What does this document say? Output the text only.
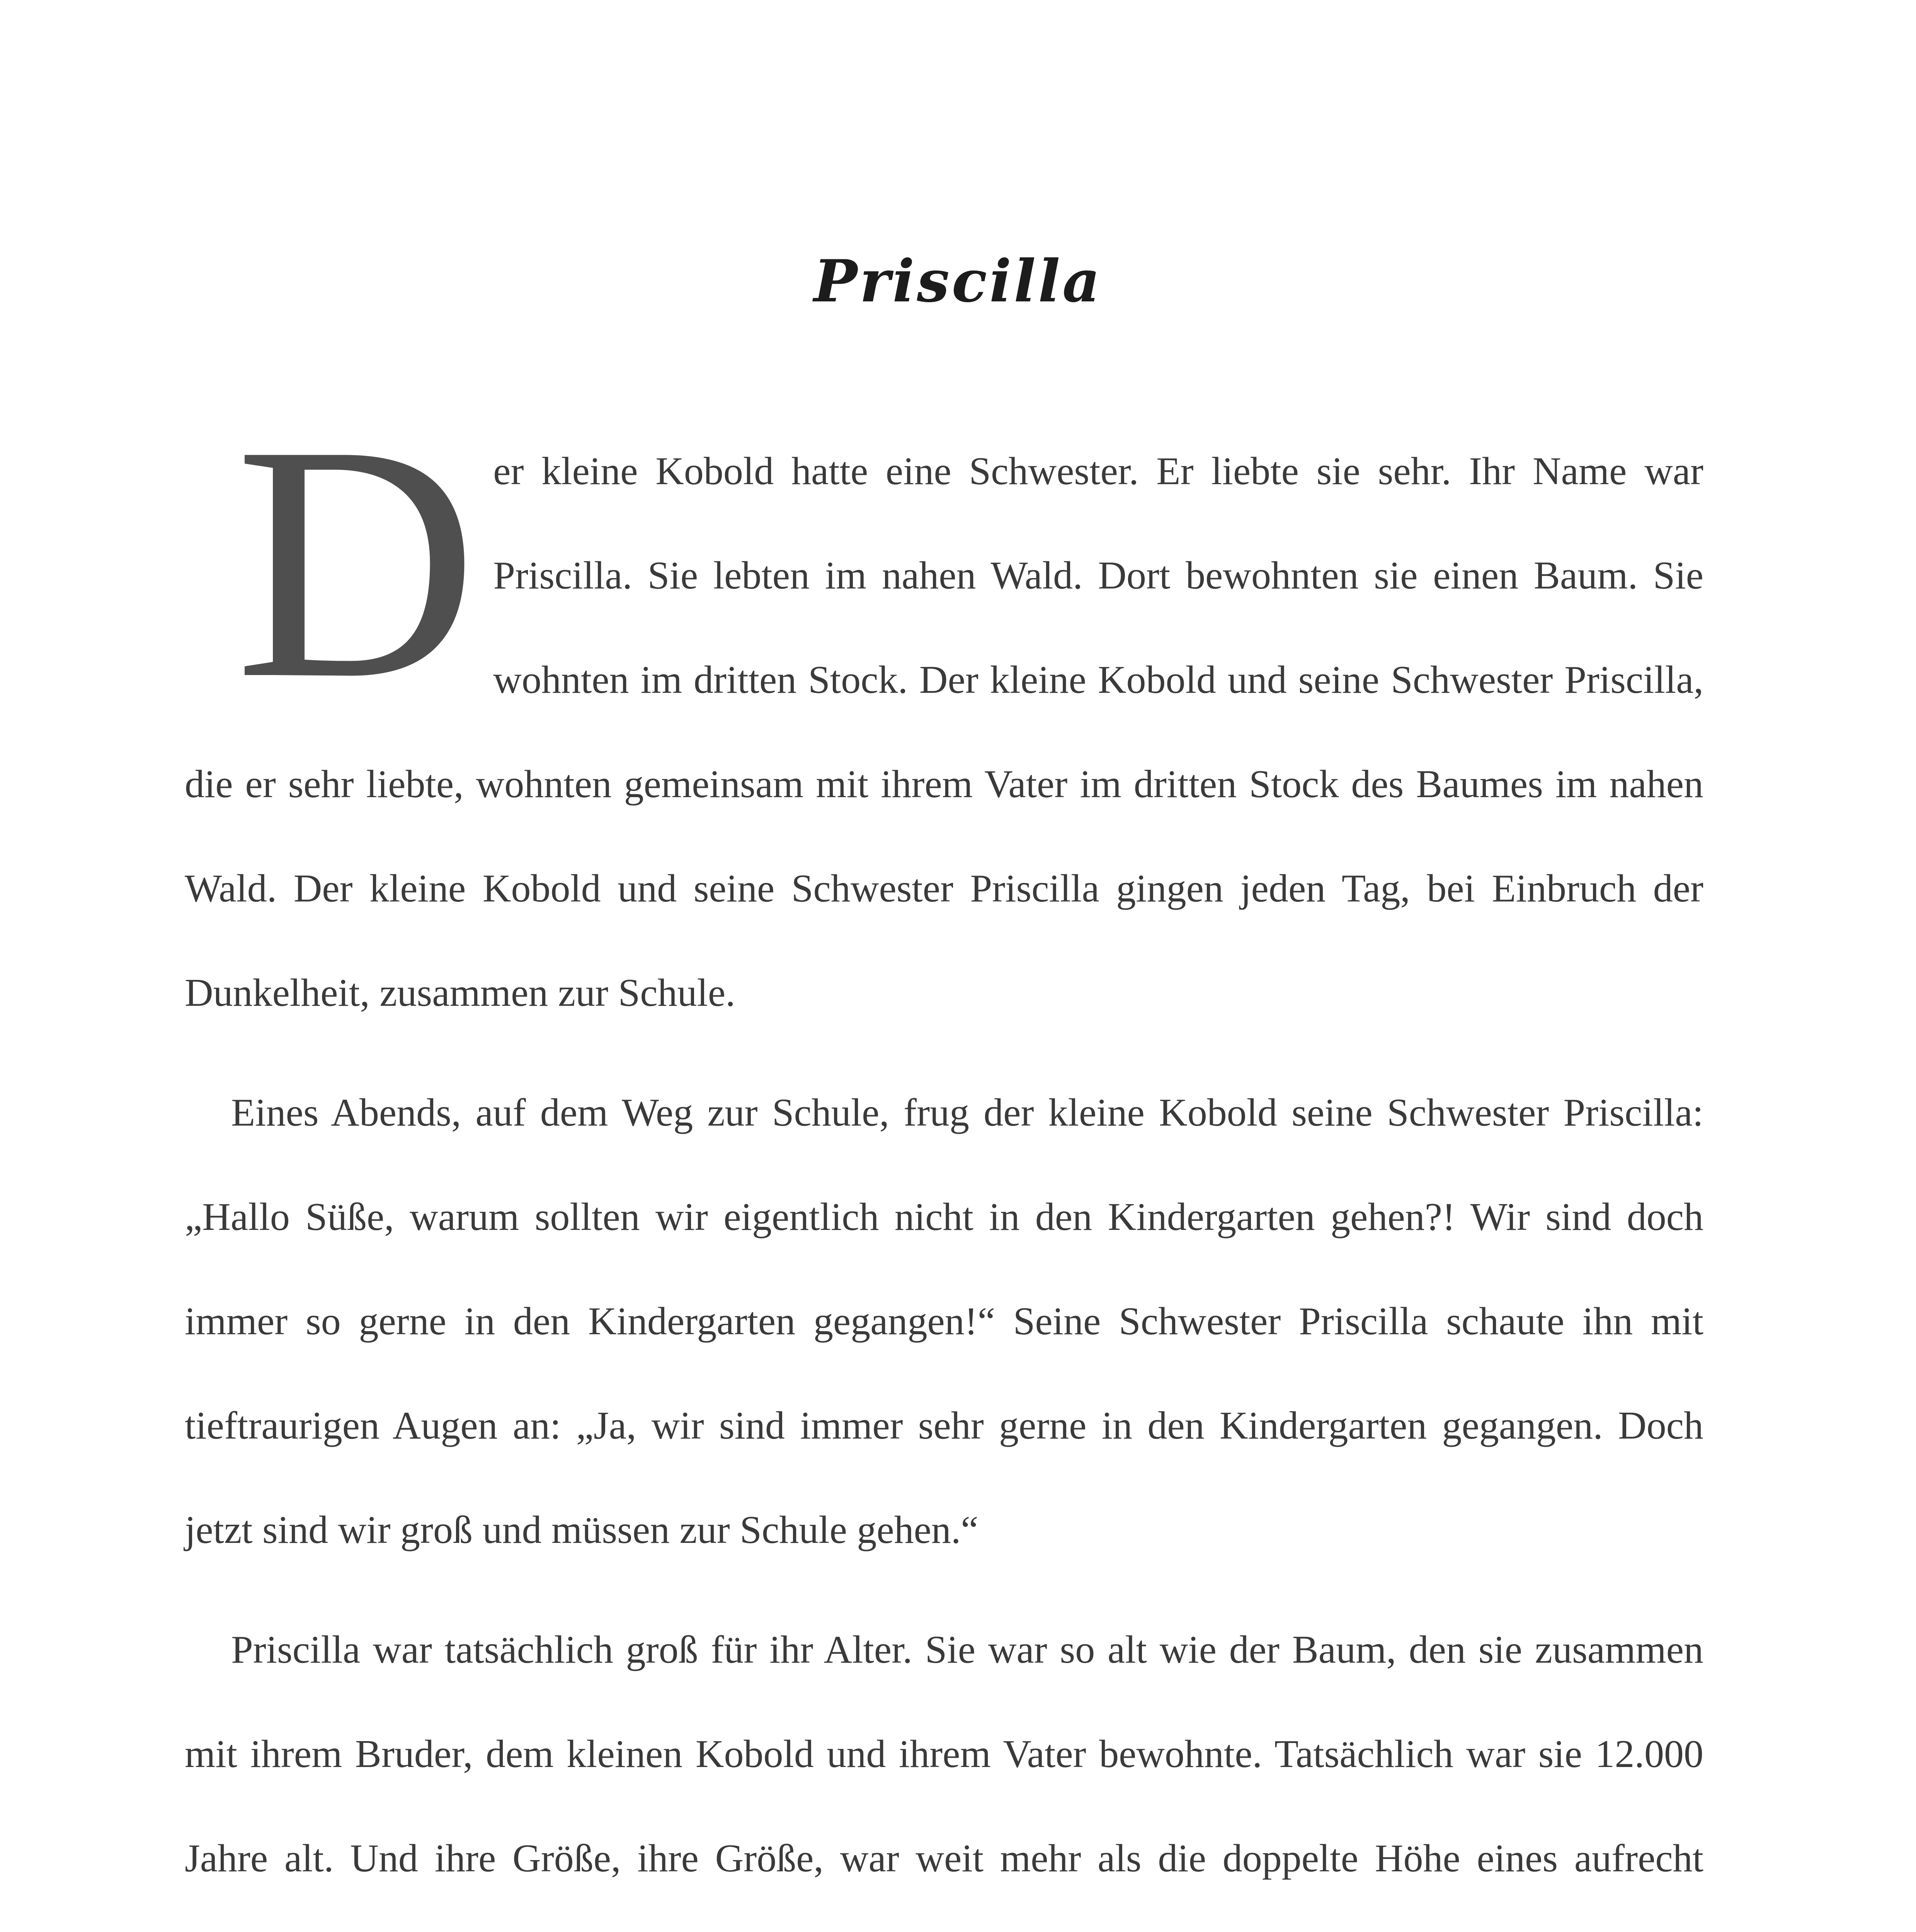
Priscilla

D er kleine Kobold hatte eine Schwester. Er liebte sie sehr. Ihr Name war Priscilla. Sie lebten im nahen Wald. Dort bewohnten sie einen Baum. Sie wohnten im dritten Stock. Der kleine Kobold und seine Schwester Priscilla, die er sehr liebte, wohnten gemeinsam mit ihrem Vater im dritten Stock des Baumes im nahen Wald. Der kleine Kobold und seine Schwester Priscilla gingen jeden Tag, bei Einbruch der Dunkelheit, zusammen zur Schule.

Eines Abends, auf dem Weg zur Schule, frug der kleine Kobold seine Schwester Priscilla: „Hallo Süße, warum sollten wir eigentlich nicht in den Kindergarten gehen?! Wir sind doch immer so gerne in den Kindergarten gegangen!“ Seine Schwester Priscilla schaute ihn mit tieftraurigen Augen an: „Ja, wir sind immer sehr gerne in den Kindergarten gegangen. Doch jetzt sind wir groß und müssen zur Schule gehen.“

Priscilla war tatsächlich groß für ihr Alter. Sie war so alt wie der Baum, den sie zusammen mit ihrem Bruder, dem kleinen Kobold und ihrem Vater bewohnte. Tatsächlich war sie 12.000 Jahre alt. Und ihre Größe, ihre Größe, war weit mehr als die doppelte Höhe eines aufrecht
